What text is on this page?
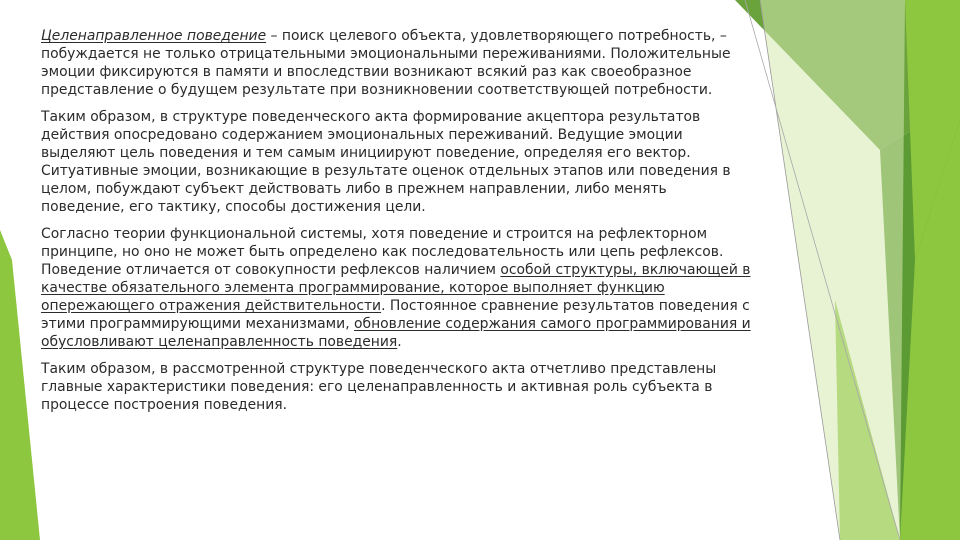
Целенаправленное поведение – поиск целевого объекта, удовлетворяющего потребность, – побуждается не только отрицательными эмоциональными переживаниями. Положительные эмоции фиксируются в памяти и впоследствии возникают всякий раз как своеобразное представление о будущем результате при возникновении соответствующей потребности.

Таким образом, в структуре поведенческого акта формирование акцептора результатов действия опосредовано содержанием эмоциональных переживаний. Ведущие эмоции выделяют цель поведения и тем самым инициируют поведение, определяя его вектор. Ситуативные эмоции, возникающие в результате оценок отдельных этапов или поведения в целом, побуждают субъект действовать либо в прежнем направлении, либо менять поведение, его тактику, способы достижения цели.

Согласно теории функциональной системы, хотя поведение и строится на рефлекторном принципе, но оно не может быть определено как последовательность или цепь рефлексов. Поведение отличается от совокупности рефлексов наличием особой структуры, включающей в качестве обязательного элемента программирование, которое выполняет функцию опережающего отражения действительности. Постоянное сравнение результатов поведения с этими программирующими механизмами, обновление содержания самого программирования и обусловливают целенаправленность поведения.

Таким образом, в рассмотренной структуре поведенческого акта отчетливо представлены главные характеристики поведения: его целенаправленность и активная роль субъекта в процессе построения поведения.
